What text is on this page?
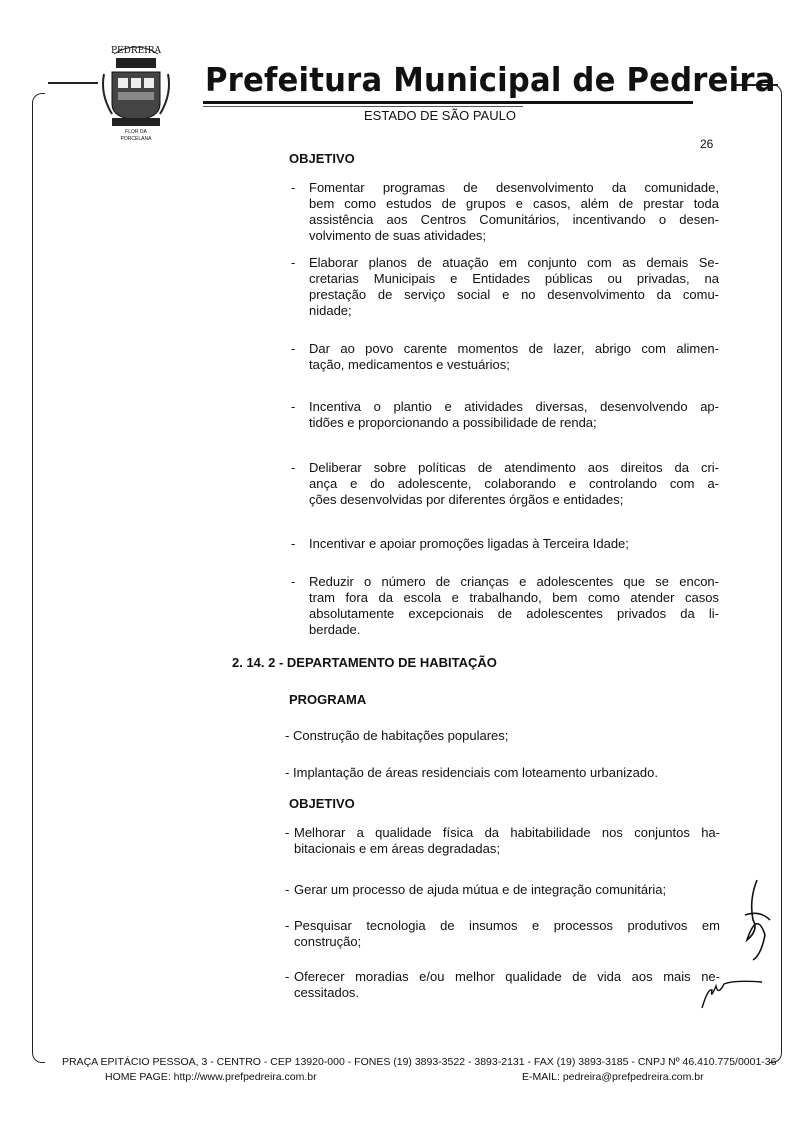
PEDREIRA
FLOR DA
PORCELANA
Prefeitura Municipal de Pedreira
ESTADO DE SÃO PAULO
26
OBJETIVO
- Fomentar programas de desenvolvimento da comunidade,
bem como estudos de grupos e casos, além de prestar toda
assistência aos Centros Comunitários, incentivando o desen-
volvimento de suas atividades;
- Elaborar planos de atuação em conjunto com as demais Se-
cretarias Municipais e Entidades públicas ou privadas, na
prestação de serviço social e no desenvolvimento da comu-
nidade;
- Dar ao povo carente momentos de lazer, abrigo com alimen-
tação, medicamentos e vestuários;
- Incentiva o plantio e atividades diversas, desenvolvendo ap-
tidões e proporcionando a possibilidade de renda;
- Deliberar sobre políticas de atendimento aos direitos da cri-
ança e do adolescente, colaborando e controlando com a-
ções desenvolvidas por diferentes órgãos e entidades;
- Incentivar e apoiar promoções ligadas à Terceira Idade;
- Reduzir o número de crianças e adolescentes que se encon-
tram fora da escola e trabalhando, bem como atender casos
absolutamente excepcionais de adolescentes privados da li-
berdade.
2. 14. 2 - DEPARTAMENTO DE HABITAÇÃO
PROGRAMA
- Construção de habitações populares;
- Implantação de áreas residenciais com loteamento urbanizado.
OBJETIVO
- Melhorar a qualidade física da habitabilidade nos conjuntos ha-
bitacionais e em áreas degradadas;
- Gerar um processo de ajuda mútua e de integração comunitária;
- Pesquisar tecnologia de insumos e processos produtivos em
construção;
- Oferecer moradias e/ou melhor qualidade de vida aos mais ne-
cessitados.
PRAÇA EPITÁCIO PESSOA, 3 - CENTRO - CEP 13920-000 - FONES (19) 3893-3522 - 3893-2131 - FAX (19) 3893-3185 - CNPJ Nº 46.410.775/0001-36
HOME PAGE: http://www.prefpedreira.com.br	E-MAIL: pedreira@prefpedreira.com.br
